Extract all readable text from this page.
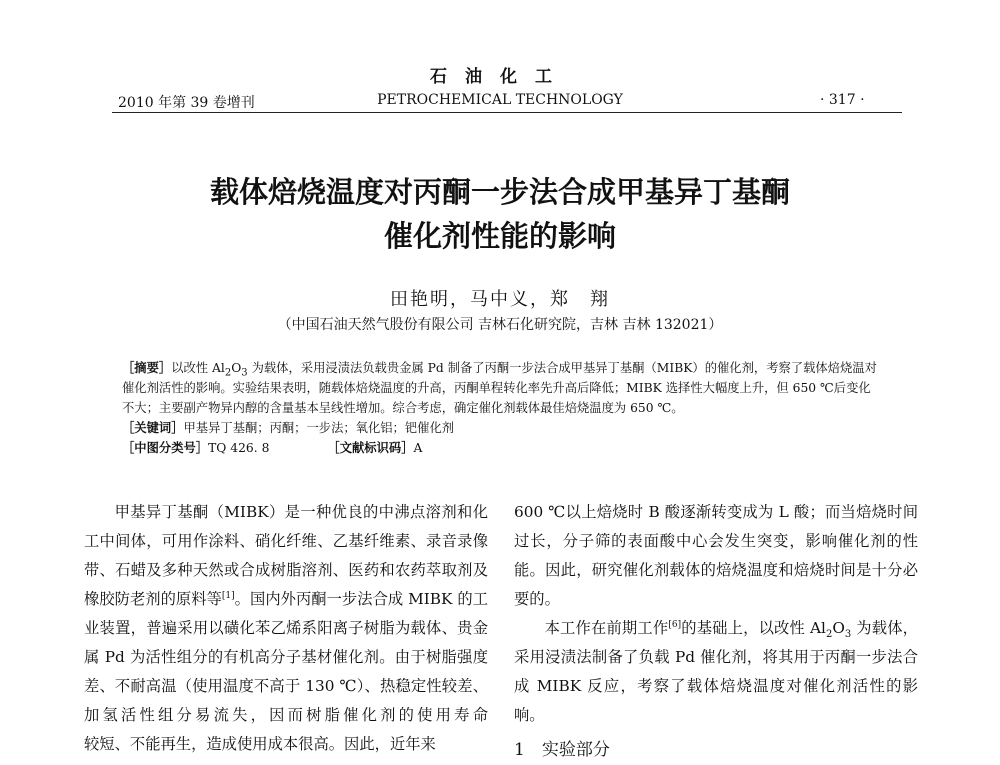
石油化工
2010 年第 39 卷增刊	PETROCHEMICAL TECHNOLOGY	· 317 ·
载体焙烧温度对丙酮一步法合成甲基异丁基酮
催化剂性能的影响
田艳明，马中义，郑　翔
（中国石油天然气股份有限公司 吉林石化研究院，吉林 吉林 132021）

［摘要］以改性 $Al_2O_3$ 为载体，采用浸渍法负载贵金属 Pd 制备了丙酮一步法合成甲基异丁基酮（MIBK）的催化剂，考察了载体焙烧温对催化剂活性的影响。实验结果表明，随载体焙烧温度的升高，丙酮单程转化率先升高后降低；MIBK 选择性大幅度上升，但 650 ℃后变化不大；主要副产物异内醇的含量基本呈线性增加。综合考虑，确定催化剂载体最佳焙烧温度为 650 ℃。

［关键词］甲基异丁基酮；丙酮；一步法；氧化铝；钯催化剂

［中图分类号］TQ 426. 8	［文献标识码］A

甲基异丁基酮（MIBK）是一种优良的中沸点溶剂和化工中间体，可用作涂料、硝化纤维、乙基纤维素、录音录像带、石蜡及多种天然或合成树脂溶剂、医药和农药萃取剂及橡胶防老剂的原料等[1]。国内外丙酮一步法合成 MIBK 的工业装置，普遍采用以磺化苯乙烯系阳离子树脂为载体、贵金属 Pd 为活性组分的有机高分子基材催化剂。由于树脂强度差、不耐高温（使用温度不高于 130 ℃）、热稳定性较差、加氢活性组分易流失，因而树脂催化剂的使用寿命较短、不能再生，造成使用成本很高。因此，近年来

600 ℃以上焙烧时 B 酸逐渐转变成为 L 酸；而当焙烧时间过长，分子筛的表面酸中心会发生突变，影响催化剂的性能。因此，研究催化剂载体的焙烧温度和焙烧时间是十分必要的。

本工作在前期工作[6]的基础上，以改性 $Al_2O_3$ 为载体，采用浸渍法制备了负载 Pd 催化剂，将其用于丙酮一步法合成 MIBK 反应，考察了载体焙烧温度对催化剂活性的影响。

1　实验部分
